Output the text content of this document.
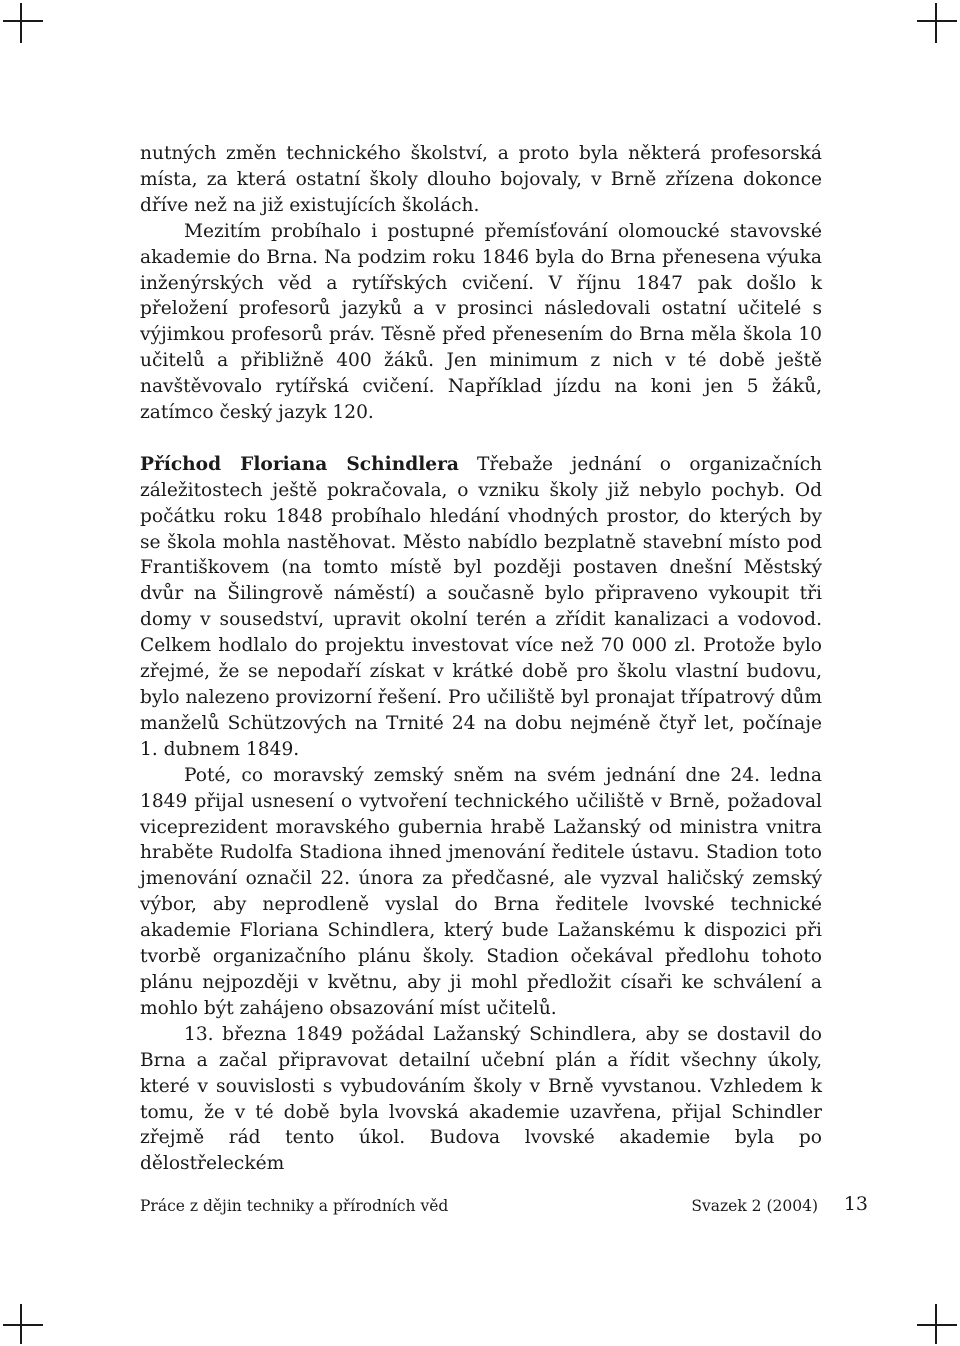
nutných změn technického školství, a proto byla některá profesorská místa, za která ostatní školy dlouho bojovaly, v Brně zřízena dokonce dříve než na již existujících školách.

Mezitím probíhalo i postupné přemísťování olomoucké stavovské akademie do Brna. Na podzim roku 1846 byla do Brna přenesena výuka inženýrských věd a rytířských cvičení. V říjnu 1847 pak došlo k přeložení profesorů jazyků a v prosinci následovali ostatní učitelé s výjimkou profesorů práv. Těsně před přenesením do Brna měla škola 10 učitelů a přibližně 400 žáků. Jen minimum z nich v té době ještě navštěvovalo rytířská cvičení. Například jízdu na koni jen 5 žáků, zatímco český jazyk 120.

Příchod Floriana Schindlera Třebaže jednání o organizačních záležitostech ještě pokračovala, o vzniku školy již nebylo pochyb. Od počátku roku 1848 probíhalo hledání vhodných prostor, do kterých by se škola mohla nastěhovat. Město nabídlo bezplatně stavební místo pod Františkovem (na tomto místě byl později postaven dnešní Městský dvůr na Šilingrově náměstí) a současně bylo připraveno vykoupit tři domy v sousedství, upravit okolní terén a zřídit kanalizaci a vodovod. Celkem hodlalo do projektu investovat více než 70 000 zl. Protože bylo zřejmé, že se nepodaří získat v krátké době pro školu vlastní budovu, bylo nalezeno provizorní řešení. Pro učiliště byl pronajat třípatrový dům manželů Schützových na Trnité 24 na dobu nejméně čtyř let, počínaje 1. dubnem 1849.

Poté, co moravský zemský sněm na svém jednání dne 24. ledna 1849 přijal usnesení o vytvoření technického učiliště v Brně, požadoval viceprezident moravského gubernia hrabě Lažanský od ministra vnitra hraběte Rudolfa Stadiona ihned jmenování ředitele ústavu. Stadion toto jmenování označil 22. února za předčasné, ale vyzval haličský zemský výbor, aby neprodleně vyslal do Brna ředitele lvovské technické akademie Floriana Schindlera, který bude Lažanskému k dispozici při tvorbě organizačního plánu školy. Stadion očekával předlohu tohoto plánu nejpozději v květnu, aby ji mohl předložit císaři ke schválení a mohlo být zahájeno obsazování míst učitelů.

13. března 1849 požádal Lažanský Schindlera, aby se dostavil do Brna a začal připravovat detailní učební plán a řídit všechny úkoly, které v souvislosti s vybudováním školy v Brně vyvstanou. Vzhledem k tomu, že v té době byla lvovská akademie uzavřena, přijal Schindler zřejmě rád tento úkol. Budova lvovské akademie byla po dělostřeleckém

Práce z dějin techniky a přírodních věd	Svazek 2 (2004) 13
